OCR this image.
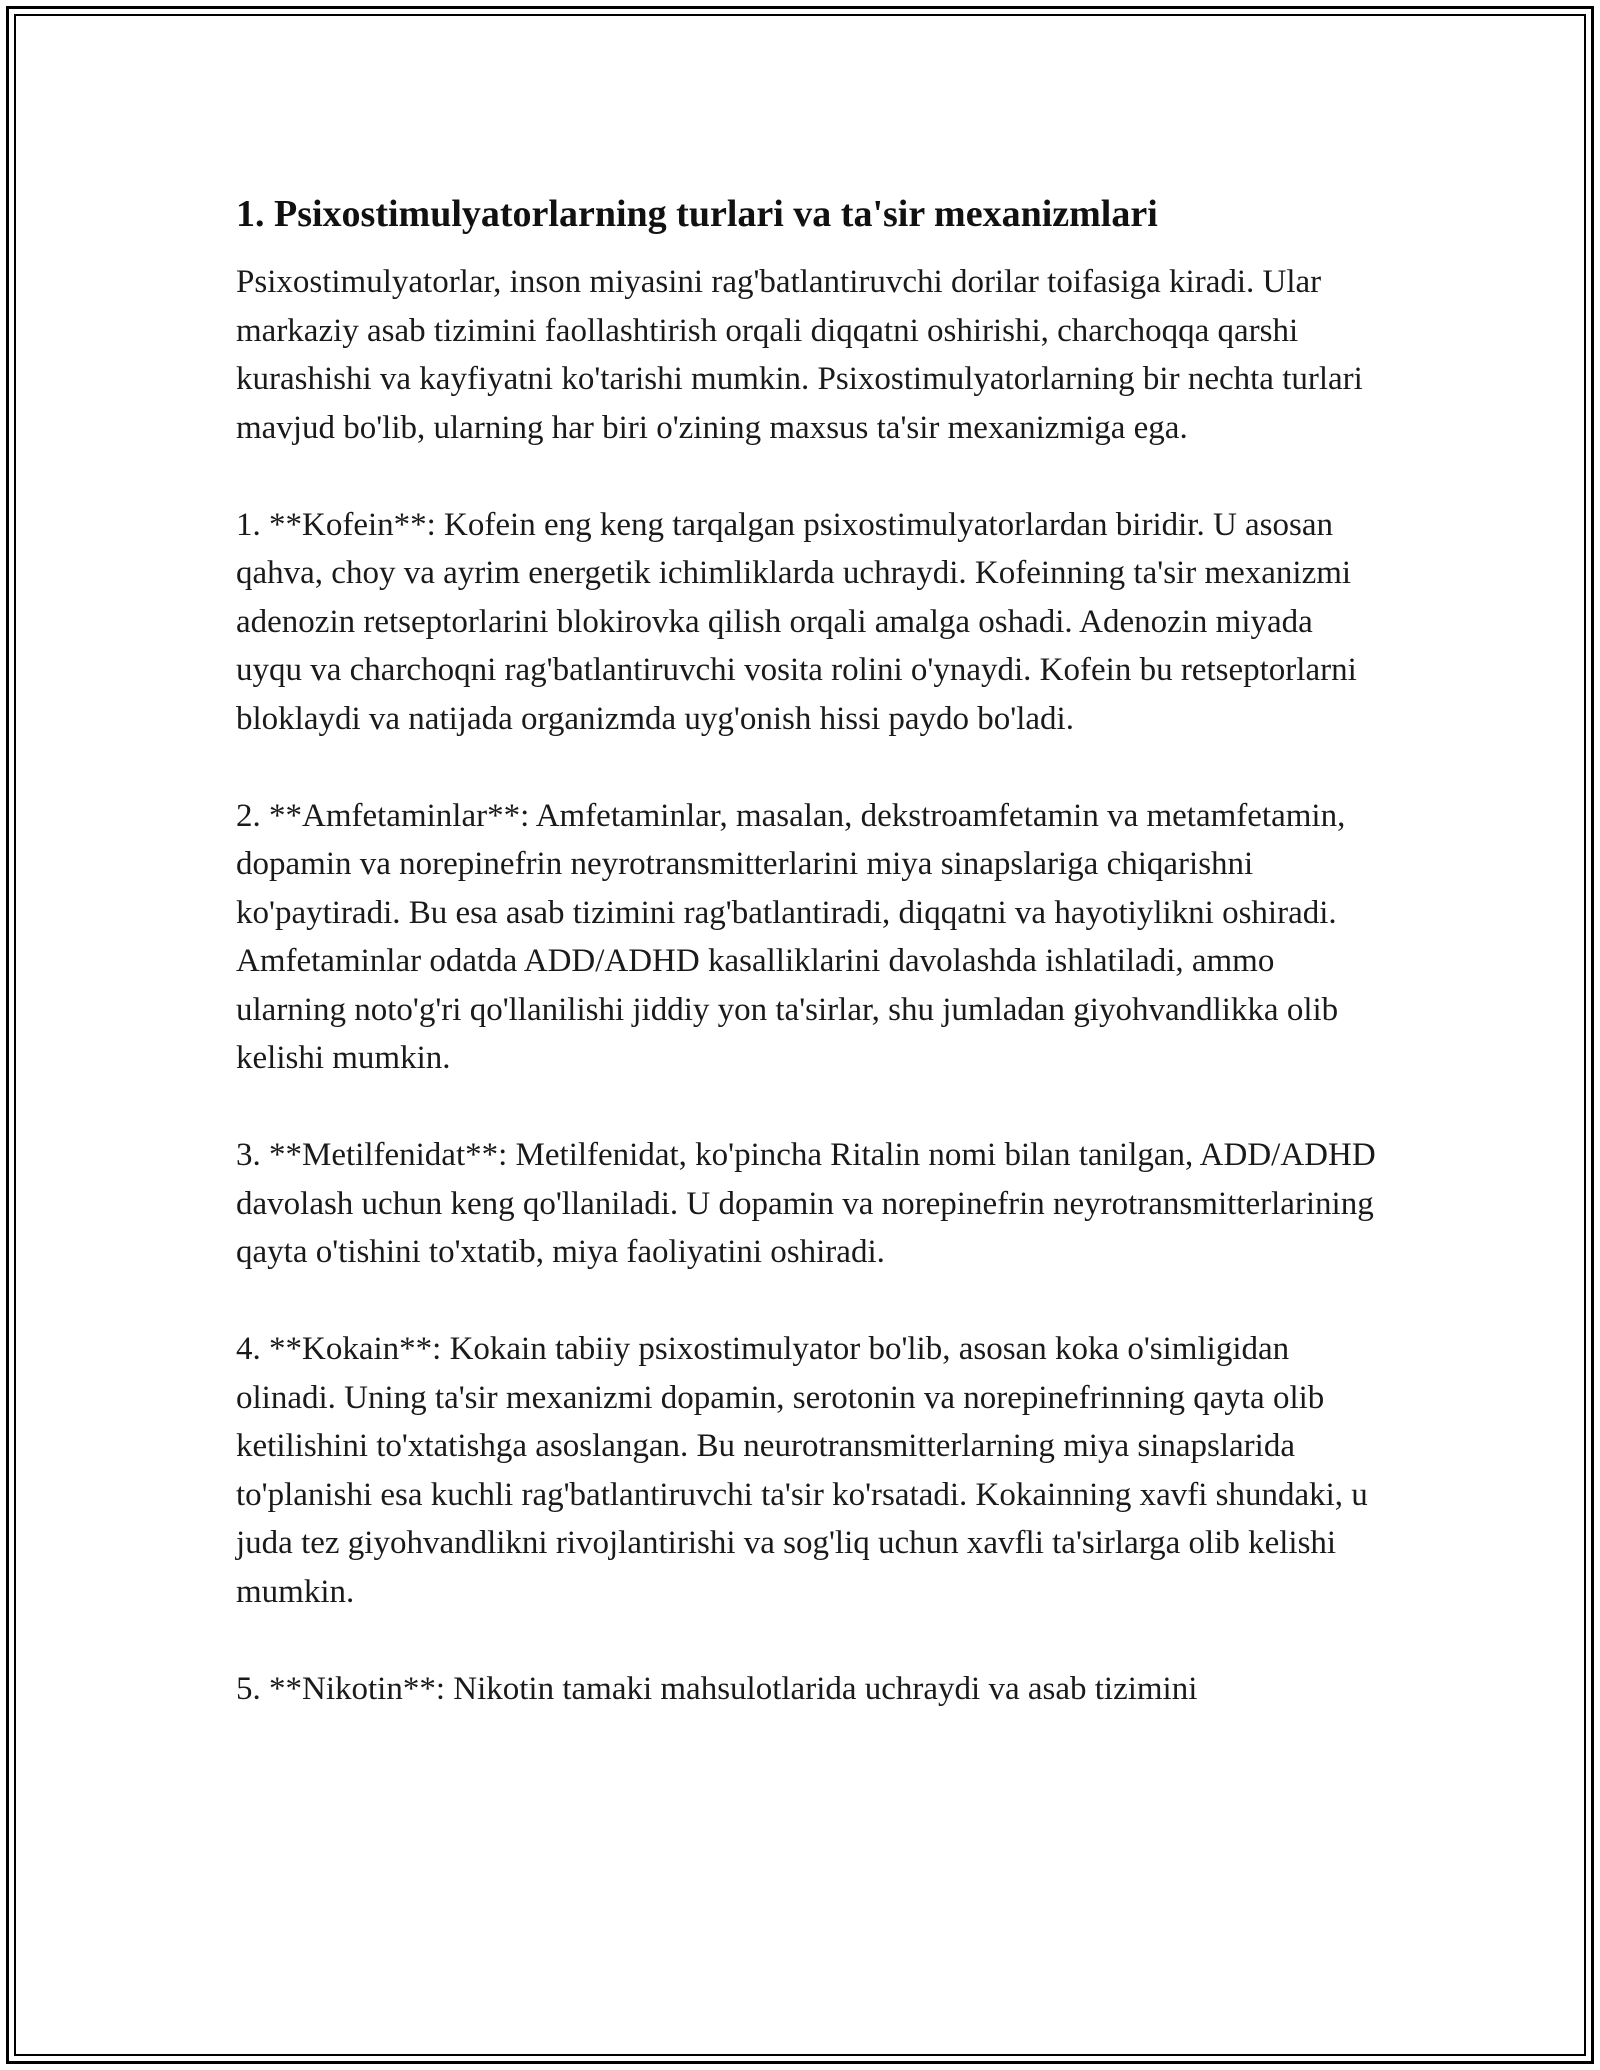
1. Psixostimulyatorlarning turlari va ta'sir mexanizmlari

Psixostimulyatorlar, inson miyasini rag'batlantiruvchi dorilar toifasiga kiradi. Ular markaziy asab tizimini faollashtirish orqali diqqatni oshirishi, charchoqqa qarshi kurashishi va kayfiyatni ko'tarishi mumkin. Psixostimulyatorlarning bir nechta turlari mavjud bo'lib, ularning har biri o'zining maxsus ta'sir mexanizmiga ega.

1. **Kofein**: Kofein eng keng tarqalgan psixostimulyatorlardan biridir. U asosan qahva, choy va ayrim energetik ichimliklarda uchraydi. Kofeinning ta'sir mexanizmi adenozin retseptorlarini blokirovka qilish orqali amalga oshadi. Adenozin miyada uyqu va charchoqni rag'batlantiruvchi vosita rolini o'ynaydi. Kofein bu retseptorlarni bloklaydi va natijada organizmda uyg'onish hissi paydo bo'ladi.

2. **Amfetaminlar**: Amfetaminlar, masalan, dekstroamfetamin va metamfetamin, dopamin va norepinefrin neyrotransmitterlarini miya sinapslariga chiqarishni ko'paytiradi. Bu esa asab tizimini rag'batlantiradi, diqqatni va hayotiylikni oshiradi. Amfetaminlar odatda ADD/ADHD kasalliklarini davolashda ishlatiladi, ammo ularning noto'g'ri qo'llanilishi jiddiy yon ta'sirlar, shu jumladan giyohvandlikka olib kelishi mumkin.

3. **Metilfenidat**: Metilfenidat, ko'pincha Ritalin nomi bilan tanilgan, ADD/ADHD davolash uchun keng qo'llaniladi. U dopamin va norepinefrin neyrotransmitterlarining qayta o'tishini to'xtatib, miya faoliyatini oshiradi.

4. **Kokain**: Kokain tabiiy psixostimulyator bo'lib, asosan koka o'simligidan olinadi. Uning ta'sir mexanizmi dopamin, serotonin va norepinefrinning qayta olib ketilishini to'xtatishga asoslangan. Bu neurotransmitterlarning miya sinapslarida to'planishi esa kuchli rag'batlantiruvchi ta'sir ko'rsatadi. Kokainning xavfi shundaki, u juda tez giyohvandlikni rivojlantirishi va sog'liq uchun xavfli ta'sirlarga olib kelishi mumkin.

5. **Nikotin**: Nikotin tamaki mahsulotlarida uchraydi va asab tizimini
